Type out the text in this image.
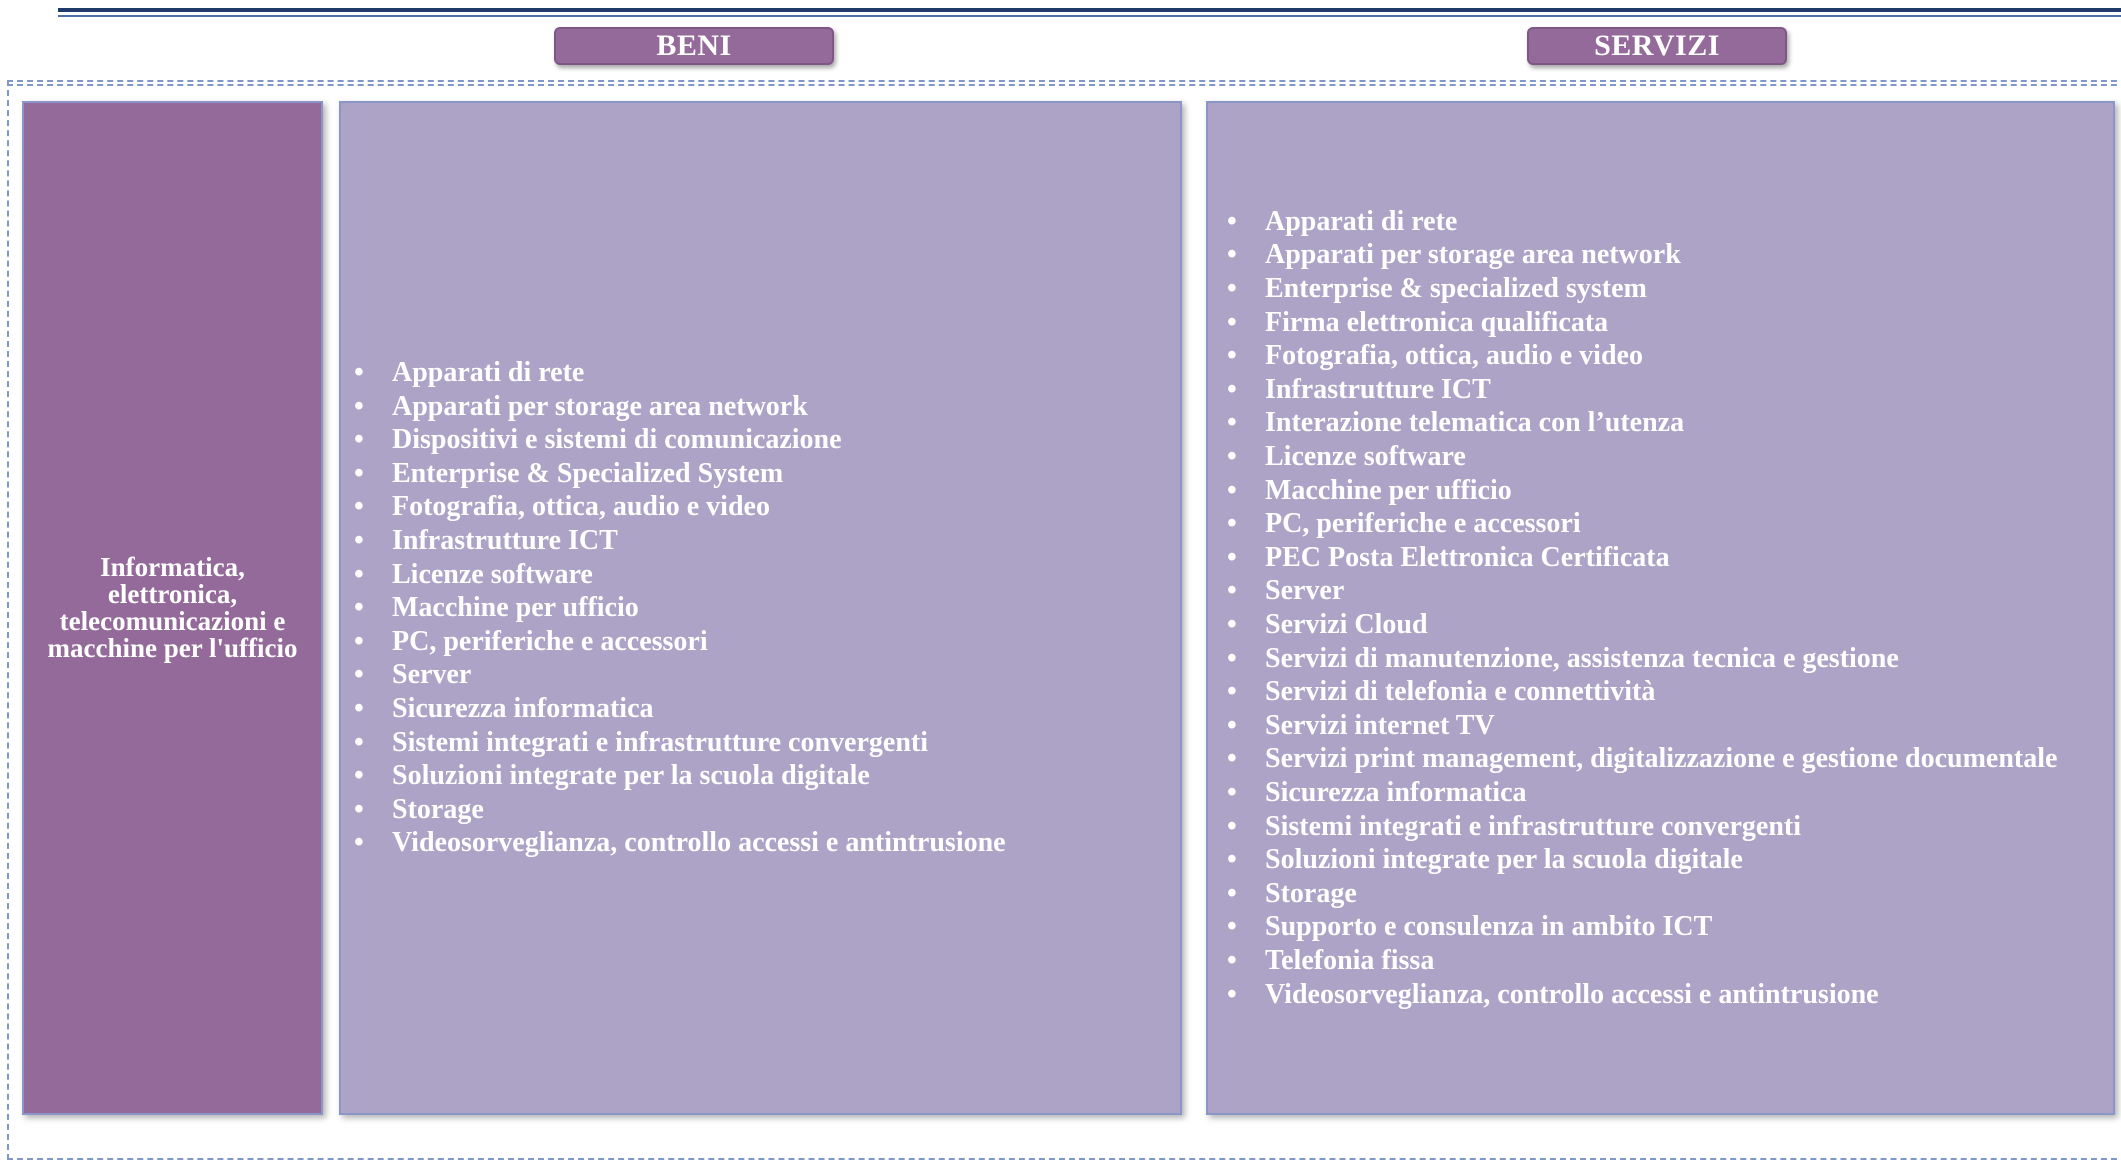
BENI	SERVIZI
Informatica,
elettronica,
telecomunicazioni e
macchine per l'ufficio
• Apparati di rete
• Apparati per storage area network
• Dispositivi e sistemi di comunicazione
• Enterprise & Specialized System
• Fotografia, ottica, audio e video
• Infrastrutture ICT
• Licenze software
• Macchine per ufficio
• PC, periferiche e accessori
• Server
• Sicurezza informatica
• Sistemi integrati e infrastrutture convergenti
• Soluzioni integrate per la scuola digitale
• Storage
• Videosorveglianza, controllo accessi e antintrusione
• Apparati di rete
• Apparati per storage area network
• Enterprise & specialized system
• Firma elettronica qualificata
• Fotografia, ottica, audio e video
• Infrastrutture ICT
• Interazione telematica con l’utenza
• Licenze software
• Macchine per ufficio
• PC, periferiche e accessori
• PEC Posta Elettronica Certificata
• Server
• Servizi Cloud
• Servizi di manutenzione, assistenza tecnica e gestione
• Servizi di telefonia e connettività
• Servizi internet TV
• Servizi print management, digitalizzazione e gestione documentale
• Sicurezza informatica
• Sistemi integrati e infrastrutture convergenti
• Soluzioni integrate per la scuola digitale
• Storage
• Supporto e consulenza in ambito ICT
• Telefonia fissa
• Videosorveglianza, controllo accessi e antintrusione
